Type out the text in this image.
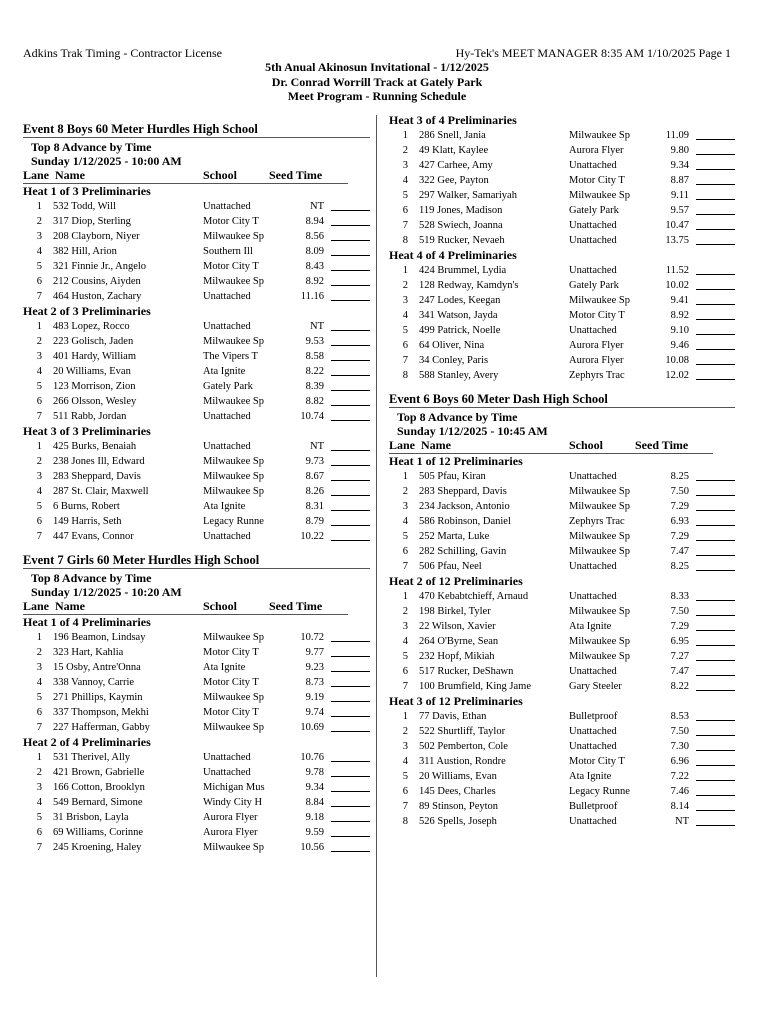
Adkins Trak Timing - Contractor License	Hy-Tek's MEET MANAGER 8:35 AM 1/10/2025 Page 1
5th Anual Akinosun Invitational - 1/12/2025
Dr. Conrad Worrill Track at Gately Park
Meet Program - Running Schedule
Event 8 Boys 60 Meter Hurdles High School
Top 8 Advance by Time
Sunday 1/12/2025 - 10:00 AM
Lane Name	School	Seed Time
Heat 1 of 3 Preliminaries
1 532 Todd, Will	Unattached	NT
2 317 Diop, Sterling	Motor City T	8.94
3 208 Clayborn, Niyer	Milwaukee Sp	8.56
4 382 Hill, Arion	Southern Ill	8.09
5 321 Finnie Jr., Angelo	Motor City T	8.43
6 212 Cousins, Aiyden	Milwaukee Sp	8.92
7 464 Huston, Zachary	Unattached	11.16
Heat 2 of 3 Preliminaries
1 483 Lopez, Rocco	Unattached	NT
2 223 Golisch, Jaden	Milwaukee Sp	9.53
3 401 Hardy, William	The Vipers T	8.58
4 20 Williams, Evan	Ata Ignite	8.22
5 123 Morrison, Zion	Gately Park	8.39
6 266 Olsson, Wesley	Milwaukee Sp	8.82
7 511 Rabb, Jordan	Unattached	10.74
Heat 3 of 3 Preliminaries
1 425 Burks, Benaiah	Unattached	NT
2 238 Jones Ill, Edward	Milwaukee Sp	9.73
3 283 Sheppard, Davis	Milwaukee Sp	8.67
4 287 St. Clair, Maxwell	Milwaukee Sp	8.26
5 6 Burns, Robert	Ata Ignite	8.31
6 149 Harris, Seth	Legacy Runne	8.79
7 447 Evans, Connor	Unattached	10.22
Event 7 Girls 60 Meter Hurdles High School
Top 8 Advance by Time
Sunday 1/12/2025 - 10:20 AM
Lane Name	School	Seed Time
Heat 1 of 4 Preliminaries
1 196 Beamon, Lindsay	Milwaukee Sp	10.72
2 323 Hart, Kahlia	Motor City T	9.77
3 15 Osby, Antre'Onna	Ata Ignite	9.23
4 338 Vannoy, Carrie	Motor City T	8.73
5 271 Phillips, Kaymin	Milwaukee Sp	9.19
6 337 Thompson, Mekhi	Motor City T	9.74
7 227 Hafferman, Gabby	Milwaukee Sp	10.69
Heat 2 of 4 Preliminaries
1 531 Therivel, Ally	Unattached	10.76
2 421 Brown, Gabrielle	Unattached	9.78
3 166 Cotton, Brooklyn	Michigan Mus	9.34
4 549 Bernard, Simone	Windy City H	8.84
5 31 Brisbon, Layla	Aurora Flyer	9.18
6 69 Williams, Corinne	Aurora Flyer	9.59
7 245 Kroening, Haley	Milwaukee Sp	10.56
Heat 3 of 4 Preliminaries
1 286 Snell, Jania	Milwaukee Sp	11.09
2 49 Klatt, Kaylee	Aurora Flyer	9.80
3 427 Carhee, Amy	Unattached	9.34
4 322 Gee, Payton	Motor City T	8.87
5 297 Walker, Samariyah	Milwaukee Sp	9.11
6 119 Jones, Madison	Gately Park	9.57
7 528 Swiech, Joanna	Unattached	10.47
8 519 Rucker, Nevaeh	Unattached	13.75
Heat 4 of 4 Preliminaries
1 424 Brummel, Lydia	Unattached	11.52
2 128 Redway, Kamdyn's	Gately Park	10.02
3 247 Lodes, Keegan	Milwaukee Sp	9.41
4 341 Watson, Jayda	Motor City T	8.92
5 499 Patrick, Noelle	Unattached	9.10
6 64 Oliver, Nina	Aurora Flyer	9.46
7 34 Conley, Paris	Aurora Flyer	10.08
8 588 Stanley, Avery	Zephyrs Trac	12.02
Event 6 Boys 60 Meter Dash High School
Top 8 Advance by Time
Sunday 1/12/2025 - 10:45 AM
Lane Name	School	Seed Time
Heat 1 of 12 Preliminaries
1 505 Pfau, Kiran	Unattached	8.25
2 283 Sheppard, Davis	Milwaukee Sp	7.50
3 234 Jackson, Antonio	Milwaukee Sp	7.29
4 586 Robinson, Daniel	Zephyrs Trac	6.93
5 252 Marta, Luke	Milwaukee Sp	7.29
6 282 Schilling, Gavin	Milwaukee Sp	7.47
7 506 Pfau, Neel	Unattached	8.25
Heat 2 of 12 Preliminaries
1 470 Kebabtchieff, Arnaud	Unattached	8.33
2 198 Birkel, Tyler	Milwaukee Sp	7.50
3 22 Wilson, Xavier	Ata Ignite	7.29
4 264 O'Byrne, Sean	Milwaukee Sp	6.95
5 232 Hopf, Mikiah	Milwaukee Sp	7.27
6 517 Rucker, DeShawn	Unattached	7.47
7 100 Brumfield, King Jame	Gary Steeler	8.22
Heat 3 of 12 Preliminaries
1 77 Davis, Ethan	Bulletproof	8.53
2 522 Shurtliff, Taylor	Unattached	7.50
3 502 Pemberton, Cole	Unattached	7.30
4 311 Austion, Rondre	Motor City T	6.96
5 20 Williams, Evan	Ata Ignite	7.22
6 145 Dees, Charles	Legacy Runne	7.46
7 89 Stinson, Peyton	Bulletproof	8.14
8 526 Spells, Joseph	Unattached	NT
